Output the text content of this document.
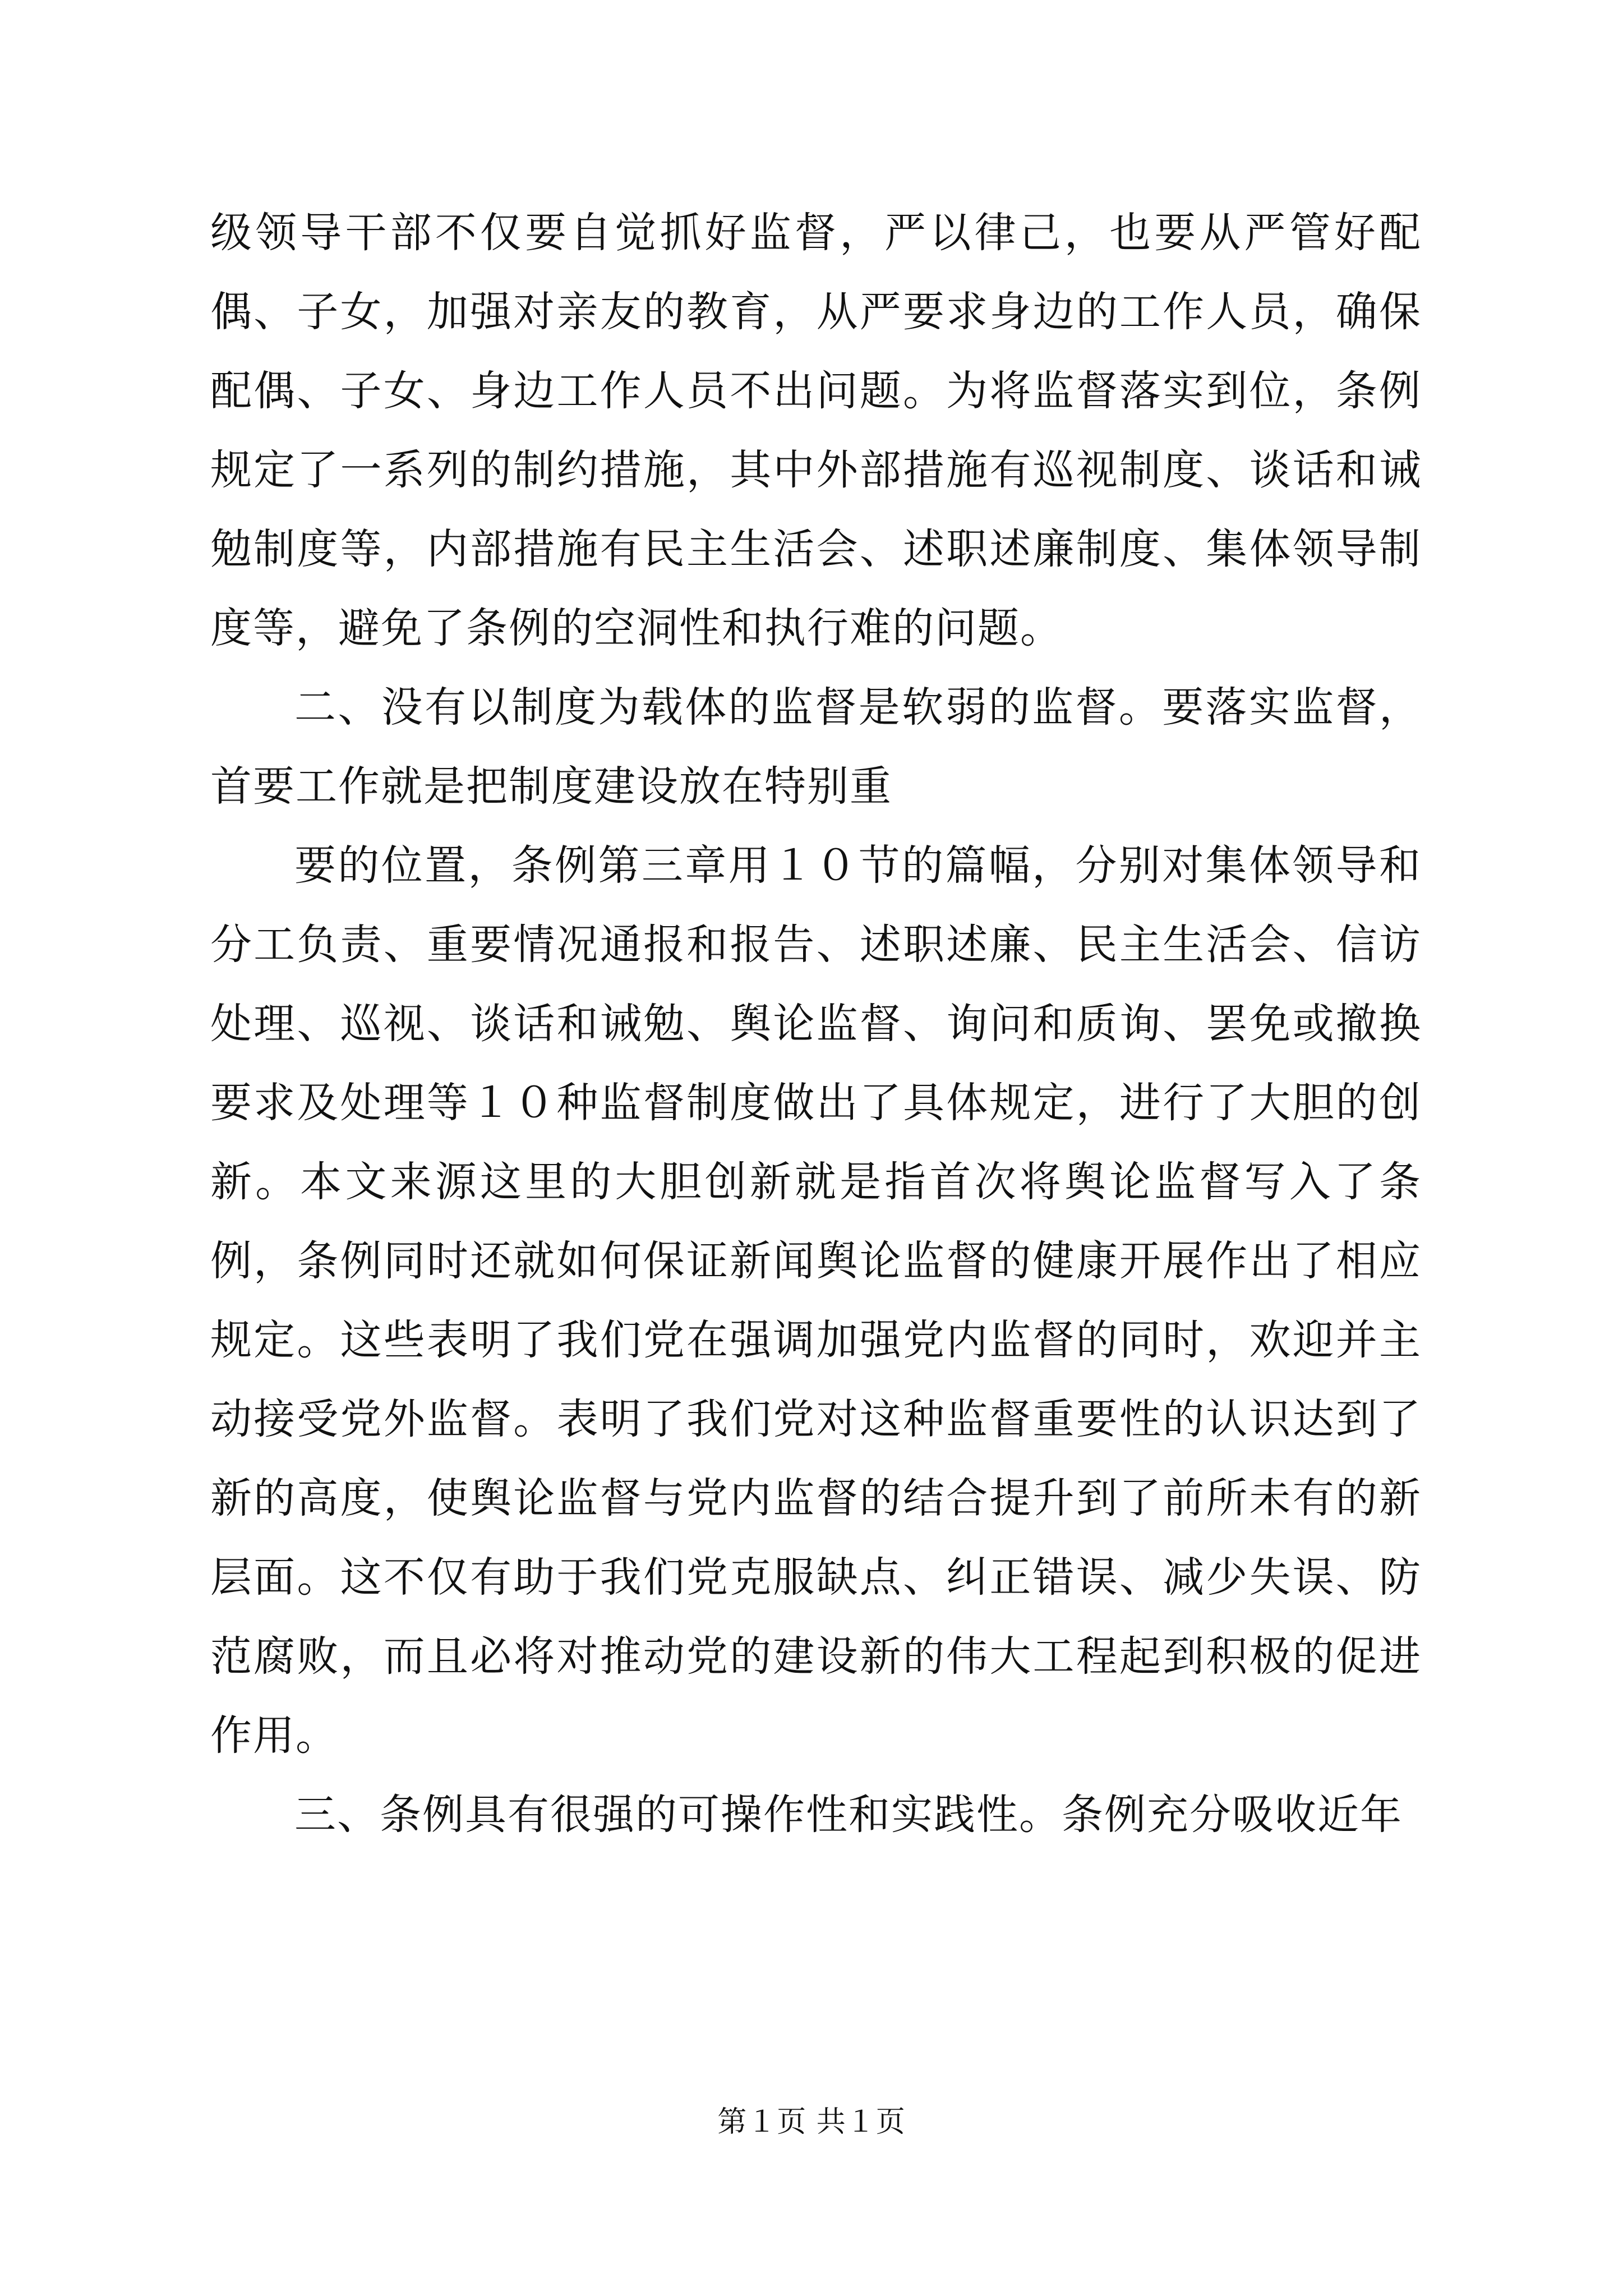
级领导干部不仅要自觉抓好监督，严以律己，也要从严管好配偶、子女，加强对亲友的教育，从严要求身边的工作人员，确保配偶、子女、身边工作人员不出问题。为将监督落实到位，条例规定了一系列的制约措施，其中外部措施有巡视制度、谈话和诫勉制度等，内部措施有民主生活会、述职述廉制度、集体领导制度等，避免了条例的空洞性和执行难的问题。

二、没有以制度为载体的监督是软弱的监督。要落实监督，首要工作就是把制度建设放在特别重

要的位置，条例第三章用１０节的篇幅，分别对集体领导和分工负责、重要情况通报和报告、述职述廉、民主生活会、信访处理、巡视、谈话和诫勉、舆论监督、询问和质询、罢免或撤换要求及处理等１０种监督制度做出了具体规定，进行了大胆的创新。本文来源这里的大胆创新就是指首次将舆论监督写入了条例，条例同时还就如何保证新闻舆论监督的健康开展作出了相应规定。这些表明了我们党在强调加强党内监督的同时，欢迎并主动接受党外监督。表明了我们党对这种监督重要性的认识达到了新的高度，使舆论监督与党内监督的结合提升到了前所未有的新层面。这不仅有助于我们党克服缺点、纠正错误、减少失误、防范腐败，而且必将对推动党的建设新的伟大工程起到积极的促进作用。

三、条例具有很强的可操作性和实践性。条例充分吸收近年

第１页 共１页
